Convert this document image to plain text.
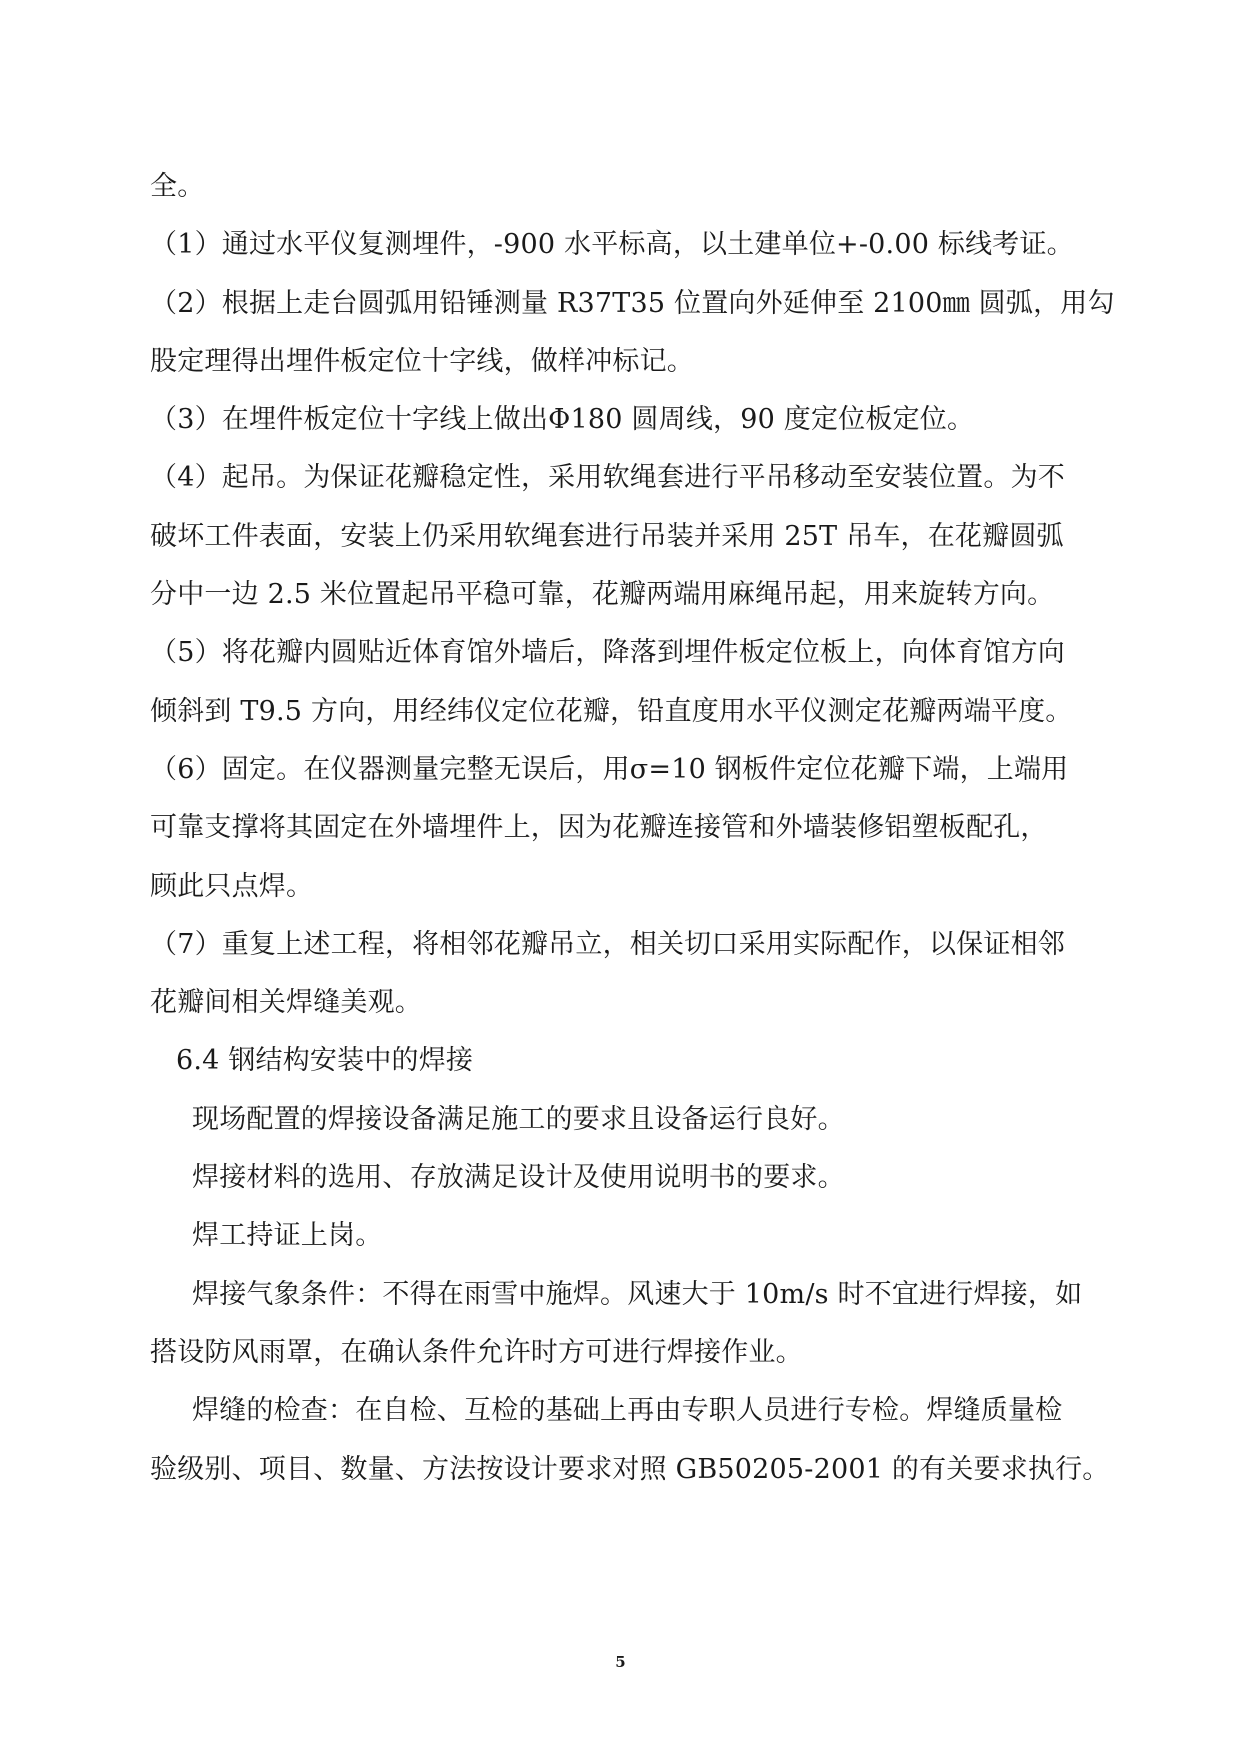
全。
（1）通过水平仪复测埋件，-900 水平标高，以土建单位+-0.00 标线考证。
（2）根据上走台圆弧用铅锤测量 R37T35 位置向外延伸至 2100㎜ 圆弧，用勾
股定理得出埋件板定位十字线，做样冲标记。
（3）在埋件板定位十字线上做出Φ180 圆周线，90 度定位板定位。
（4）起吊。为保证花瓣稳定性，采用软绳套进行平吊移动至安装位置。为不
破坏工件表面，安装上仍采用软绳套进行吊装并采用 25T 吊车，在花瓣圆弧
分中一边 2.5 米位置起吊平稳可靠，花瓣两端用麻绳吊起，用来旋转方向。
（5）将花瓣内圆贴近体育馆外墙后，降落到埋件板定位板上，向体育馆方向
倾斜到 T9.5 方向，用经纬仪定位花瓣，铅直度用水平仪测定花瓣两端平度。
（6）固定。在仪器测量完整无误后，用σ=10 钢板件定位花瓣下端，上端用
可靠支撑将其固定在外墙埋件上，因为花瓣连接管和外墙装修铝塑板配孔，
顾此只点焊。
（7）重复上述工程，将相邻花瓣吊立，相关切口采用实际配作，以保证相邻
花瓣间相关焊缝美观。
6.4 钢结构安装中的焊接
现场配置的焊接设备满足施工的要求且设备运行良好。
焊接材料的选用、存放满足设计及使用说明书的要求。
焊工持证上岗。
焊接气象条件：不得在雨雪中施焊。风速大于 10m/s 时不宜进行焊接，如
搭设防风雨罩，在确认条件允许时方可进行焊接作业。
焊缝的检查：在自检、互检的基础上再由专职人员进行专检。焊缝质量检
验级别、项目、数量、方法按设计要求对照 GB50205-2001 的有关要求执行。
5
